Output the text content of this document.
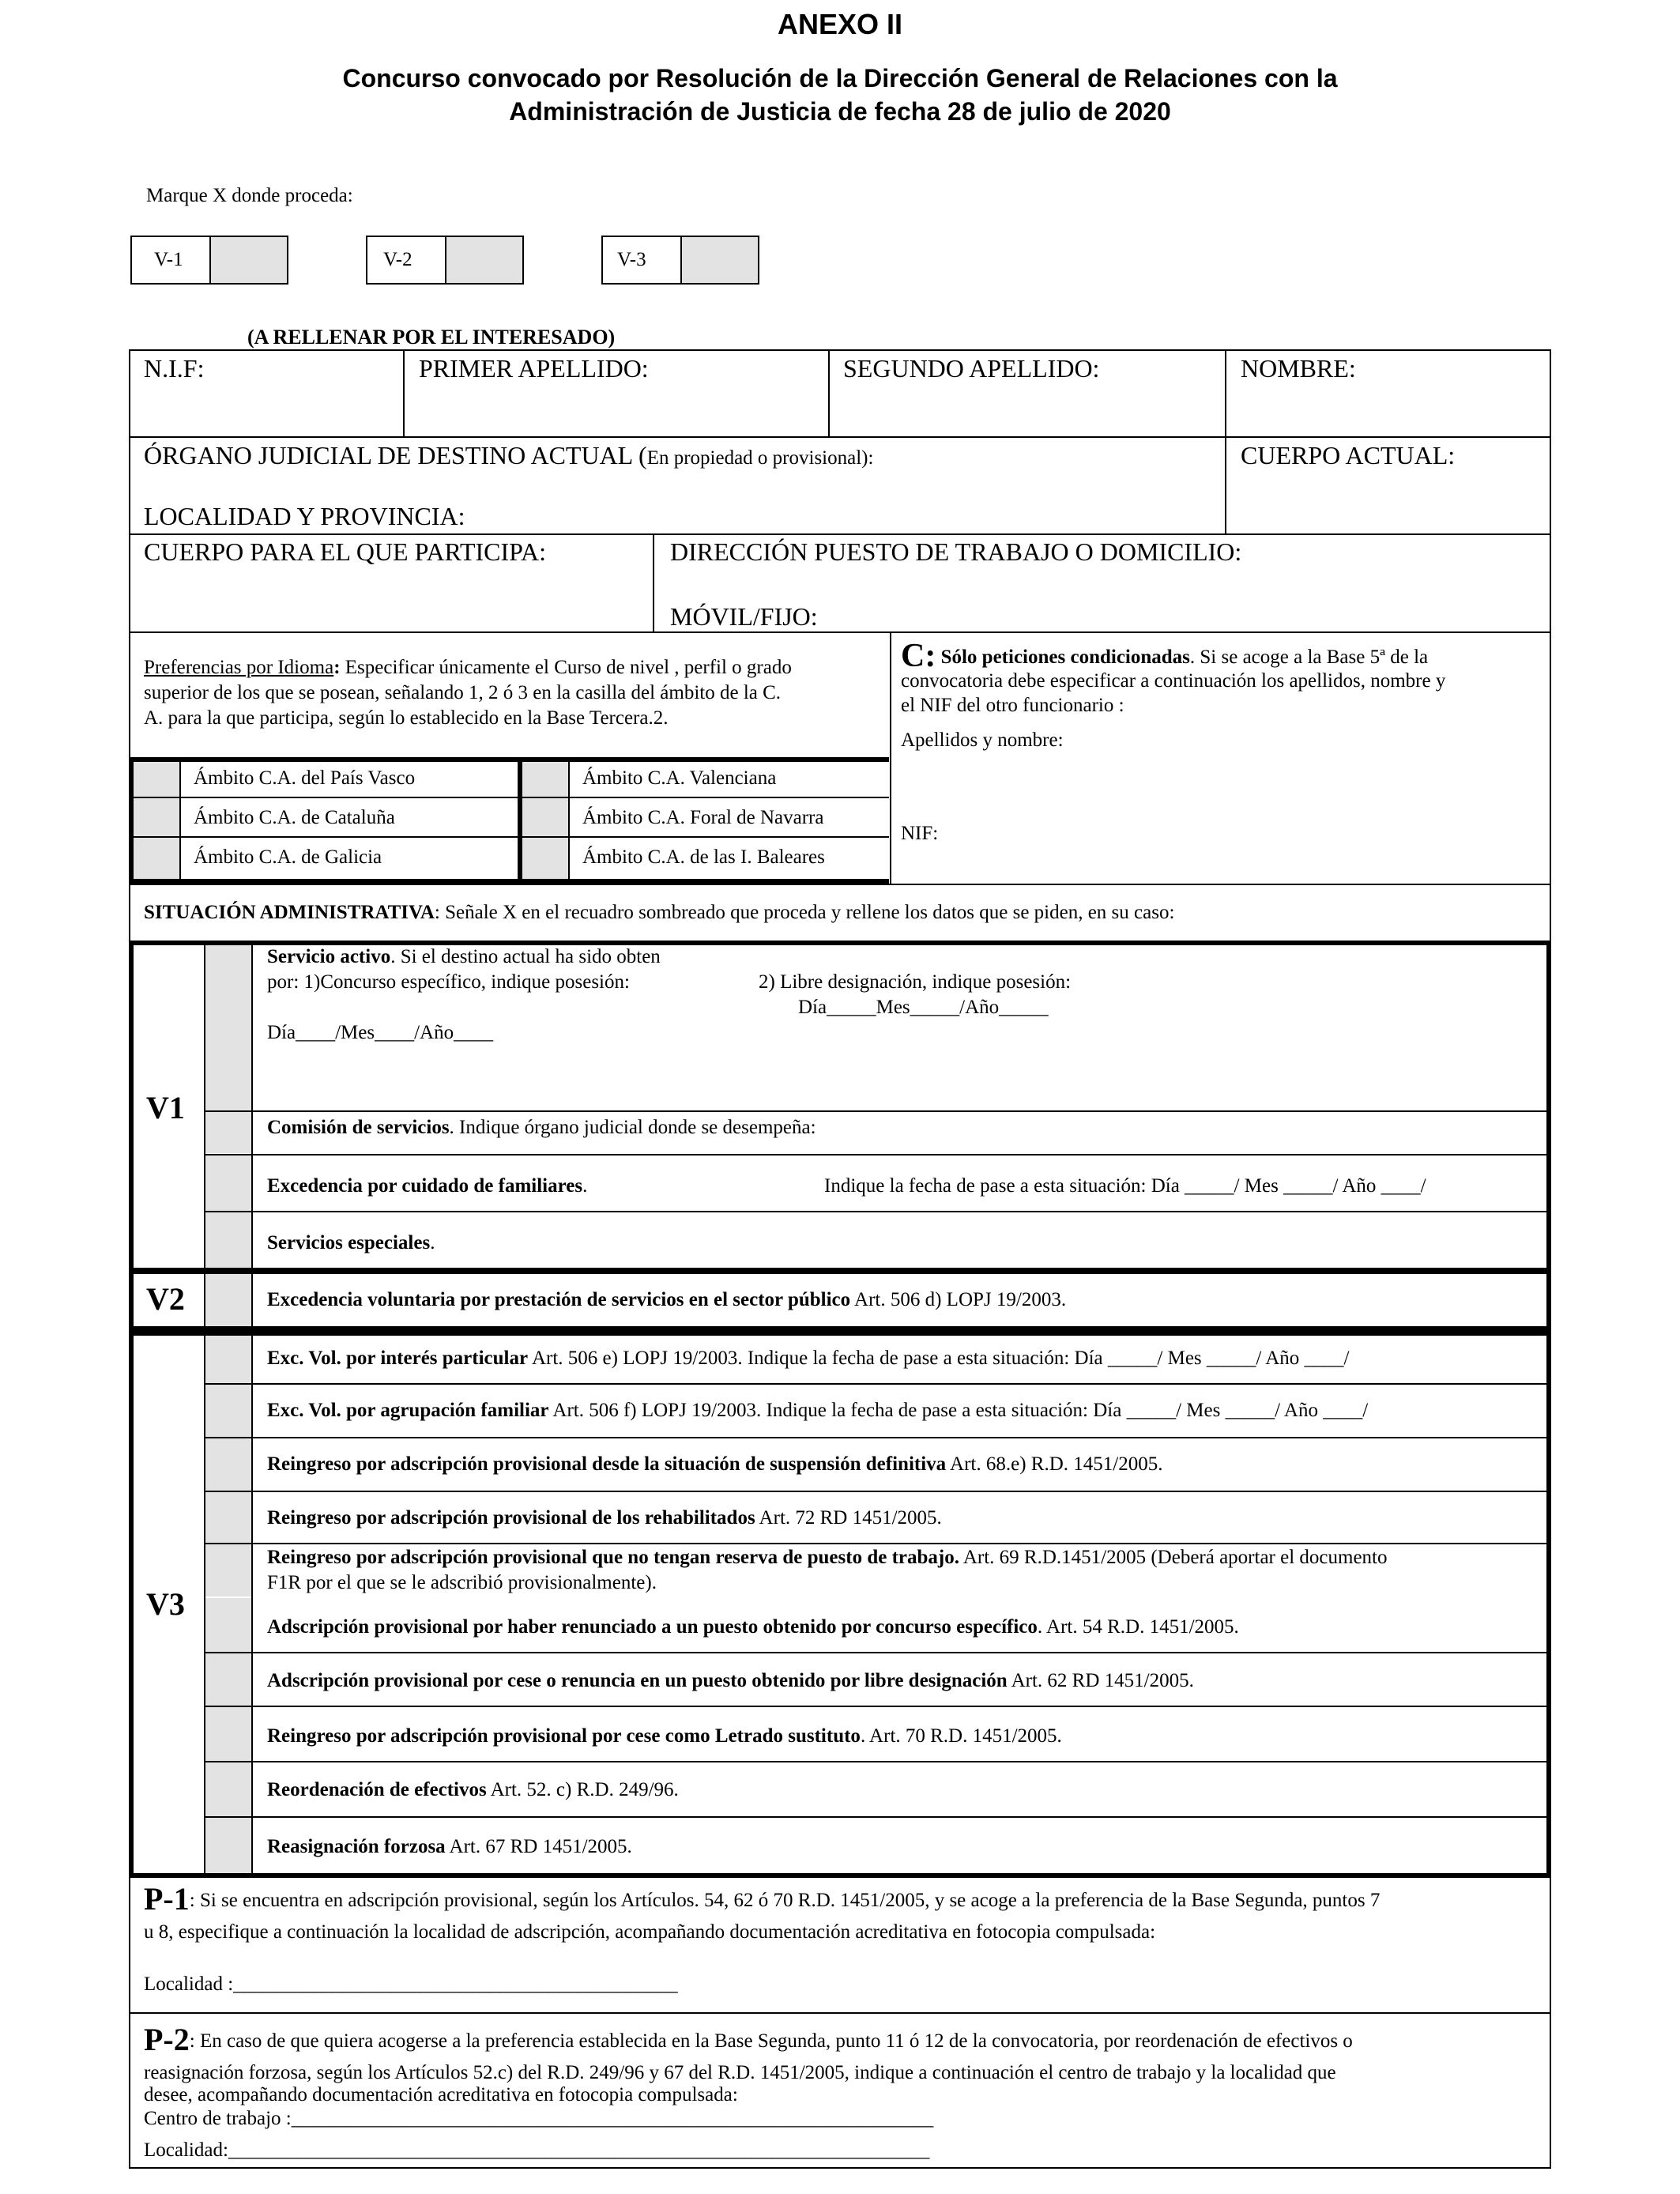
ANEXO II
Concurso convocado por Resolución de la Dirección General de Relaciones con la
Administración de Justicia de fecha 28 de julio de 2020
Marque X donde proceda:
V-1	V-2	V-3
(A RELLENAR POR EL INTERESADO)
N.I.F:	PRIMER APELLIDO:	SEGUNDO APELLIDO:	NOMBRE:
ÓRGANO JUDICIAL DE DESTINO ACTUAL (En propiedad o provisional):
LOCALIDAD Y PROVINCIA:
CUERPO ACTUAL:
CUERPO PARA EL QUE PARTICIPA:	DIRECCIÓN PUESTO DE TRABAJO O DOMICILIO:
MÓVIL/FIJO:
Preferencias por Idioma: Especificar únicamente el Curso de nivel , perfil o grado
superior de los que se posean, señalando 1, 2 ó 3 en la casilla del ámbito de la C.
A. para la que participa, según lo establecido en la Base Tercera.2.
Ámbito C.A. del País Vasco
Ámbito C.A. de Cataluña
Ámbito C.A. de Galicia
Ámbito C.A. Valenciana
Ámbito C.A. Foral de Navarra
Ámbito C.A. de las I. Baleares
C: Sólo peticiones condicionadas. Si se acoge a la Base 5ª de la
convocatoria debe especificar a continuación los apellidos, nombre y
el NIF del otro funcionario :
Apellidos y nombre:
NIF:
SITUACIÓN ADMINISTRATIVA: Señale X en el recuadro sombreado que proceda y rellene los datos que se piden, en su caso:
V1
Servicio activo. Si el destino actual ha sido obten
por: 1)Concurso específico, indique posesión:	2) Libre designación, indique posesión:
Día_____Mes_____/Año_____
Día____/Mes____/Año____
Comisión de servicios. Indique órgano judicial donde se desempeña:
Excedencia por cuidado de familiares.	Indique la fecha de pase a esta situación: Día _____/ Mes _____/ Año ____/
Servicios especiales.
V2	Excedencia voluntaria por prestación de servicios en el sector público Art. 506 d) LOPJ 19/2003.
V3
Exc. Vol. por interés particular Art. 506 e) LOPJ 19/2003. Indique la fecha de pase a esta situación: Día _____/ Mes _____/ Año ____/
Exc. Vol. por agrupación familiar Art. 506 f) LOPJ 19/2003. Indique la fecha de pase a esta situación: Día _____/ Mes _____/ Año ____/
Reingreso por adscripción provisional desde la situación de suspensión definitiva Art. 68.e) R.D. 1451/2005.
Reingreso por adscripción provisional de los rehabilitados Art. 72 RD 1451/2005.
Reingreso por adscripción provisional que no tengan reserva de puesto de trabajo. Art. 69 R.D.1451/2005 (Deberá aportar el documento
F1R por el que se le adscribió provisionalmente).
Adscripción provisional por haber renunciado a un puesto obtenido por concurso específico. Art. 54 R.D. 1451/2005.
Adscripción provisional por cese o renuncia en un puesto obtenido por libre designación Art. 62 RD 1451/2005.
Reingreso por adscripción provisional por cese como Letrado sustituto. Art. 70 R.D. 1451/2005.
Reordenación de efectivos Art. 52. c) R.D. 249/96.
Reasignación forzosa Art. 67 RD 1451/2005.
P-1: Si se encuentra en adscripción provisional, según los Artículos. 54, 62 ó 70 R.D. 1451/2005, y se acoge a la preferencia de la Base Segunda, puntos 7
u 8, especifique a continuación la localidad de adscripción, acompañando documentación acreditativa en fotocopia compulsada:
Localidad :_____________________________________________
P-2: En caso de que quiera acogerse a la preferencia establecida en la Base Segunda, punto 11 ó 12 de la convocatoria, por reordenación de efectivos o
reasignación forzosa, según los Artículos 52.c) del R.D. 249/96 y 67 del R.D. 1451/2005, indique a continuación el centro de trabajo y la localidad que
desee, acompañando documentación acreditativa en fotocopia compulsada:
Centro de trabajo :_________________________________________________________________
Localidad:_______________________________________________________________________
